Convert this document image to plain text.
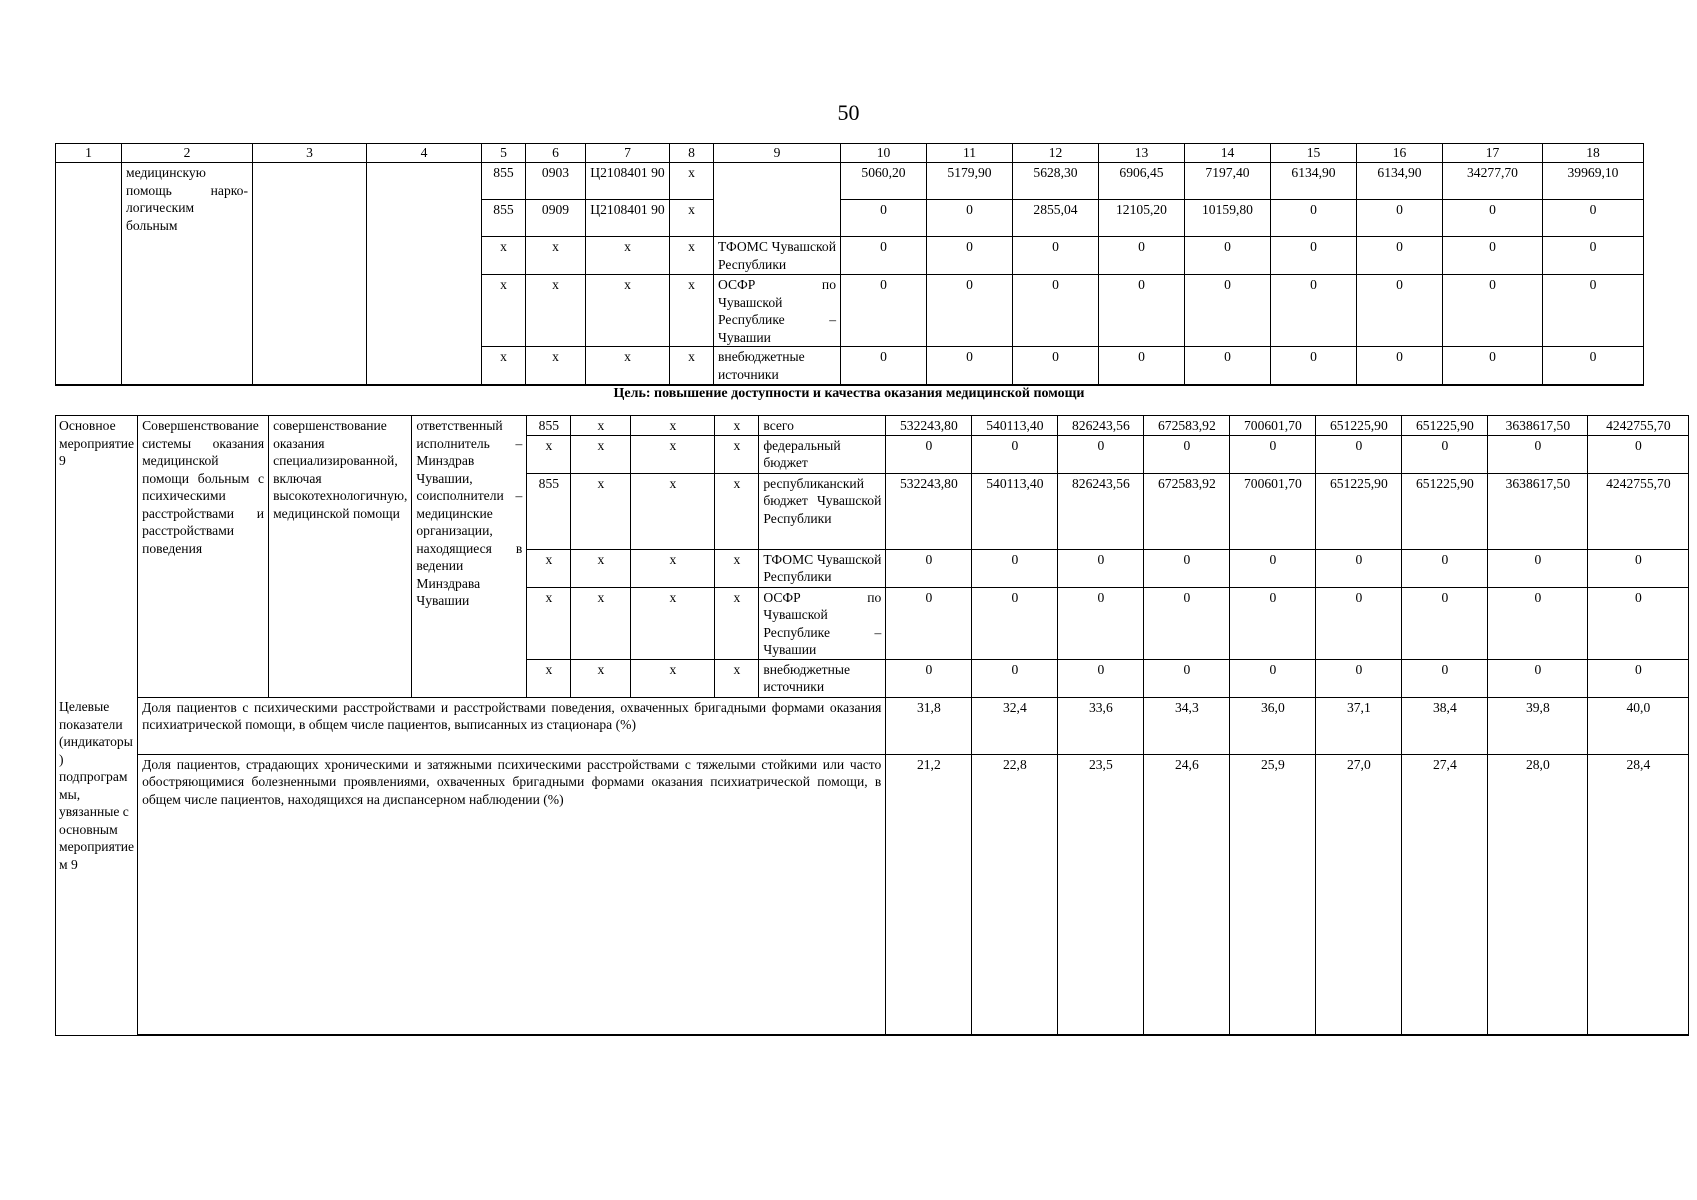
50
1	2	3	4	5	6	7	8	9	10	11	12	13	14	15	16	17	18
	медицинскую помощь нарко-логическим больным			855	0903	Ц2108401 90	х		5060,20	5179,90	5628,30	6906,45	7197,40	6134,90	6134,90	34277,70	39969,10
				855	0909	Ц2108401 90	х		0	0	2855,04	12105,20	10159,80	0	0	0	0
				х	х	х	х	ТФОМС Чувашской Республики	0	0	0	0	0	0	0	0	0
				х	х	х	х	ОСФР по Чувашской Республике – Чувашии	0	0	0	0	0	0	0	0	0
				х	х	х	х	внебюджетные источники	0	0	0	0	0	0	0	0	0
Цель: повышение доступности и качества оказания медицинской помощи
Основное мероприятие 9	Совершенствование системы оказания медицинской помощи больным с психическими расстройствами и расстройствами поведения	совершенствование оказания специализированной, включая высокотехнологичную, медицинской помощи	ответственный исполнитель – Минздрав Чувашии, соисполнители – медицинские организации, находящиеся в ведении Минздрава Чувашии	855	х	х	х	всего	532243,80	540113,40	826243,56	672583,92	700601,70	651225,90	651225,90	3638617,50	4242755,70
				х	х	х	х	федеральный бюджет	0	0	0	0	0	0	0	0	0
				855	х	х	х	республиканский бюджет Чувашской Республики	532243,80	540113,40	826243,56	672583,92	700601,70	651225,90	651225,90	3638617,50	4242755,70
				х	х	х	х	ТФОМС Чувашской Республики	0	0	0	0	0	0	0	0	0
				х	х	х	х	ОСФР по Чувашской Республике – Чувашии	0	0	0	0	0	0	0	0	0
				х	х	х	х	внебюджетные источники	0	0	0	0	0	0	0	0	0
Целевые показатели (индикаторы) подпрограммы, увязанные с основным мероприятием 9	Доля пациентов с психическими расстройствами и расстройствами поведения, охваченных бригадными формами оказания психиатрической помощи, в общем числе пациентов, выписанных из стационара (%)								31,8	32,4	33,6	34,3	36,0	37,1	38,4	39,8	40,0
	Доля пациентов, страдающих хроническими и затяжными психическими расстройствами с тяжелыми стойкими или часто обостряющимися болезненными проявлениями, охваченных бригадными формами оказания психиатрической помощи, в общем числе пациентов, находящихся на диспансерном наблюдении (%)								21,2	22,8	23,5	24,6	25,9	27,0	27,4	28,0	28,4
